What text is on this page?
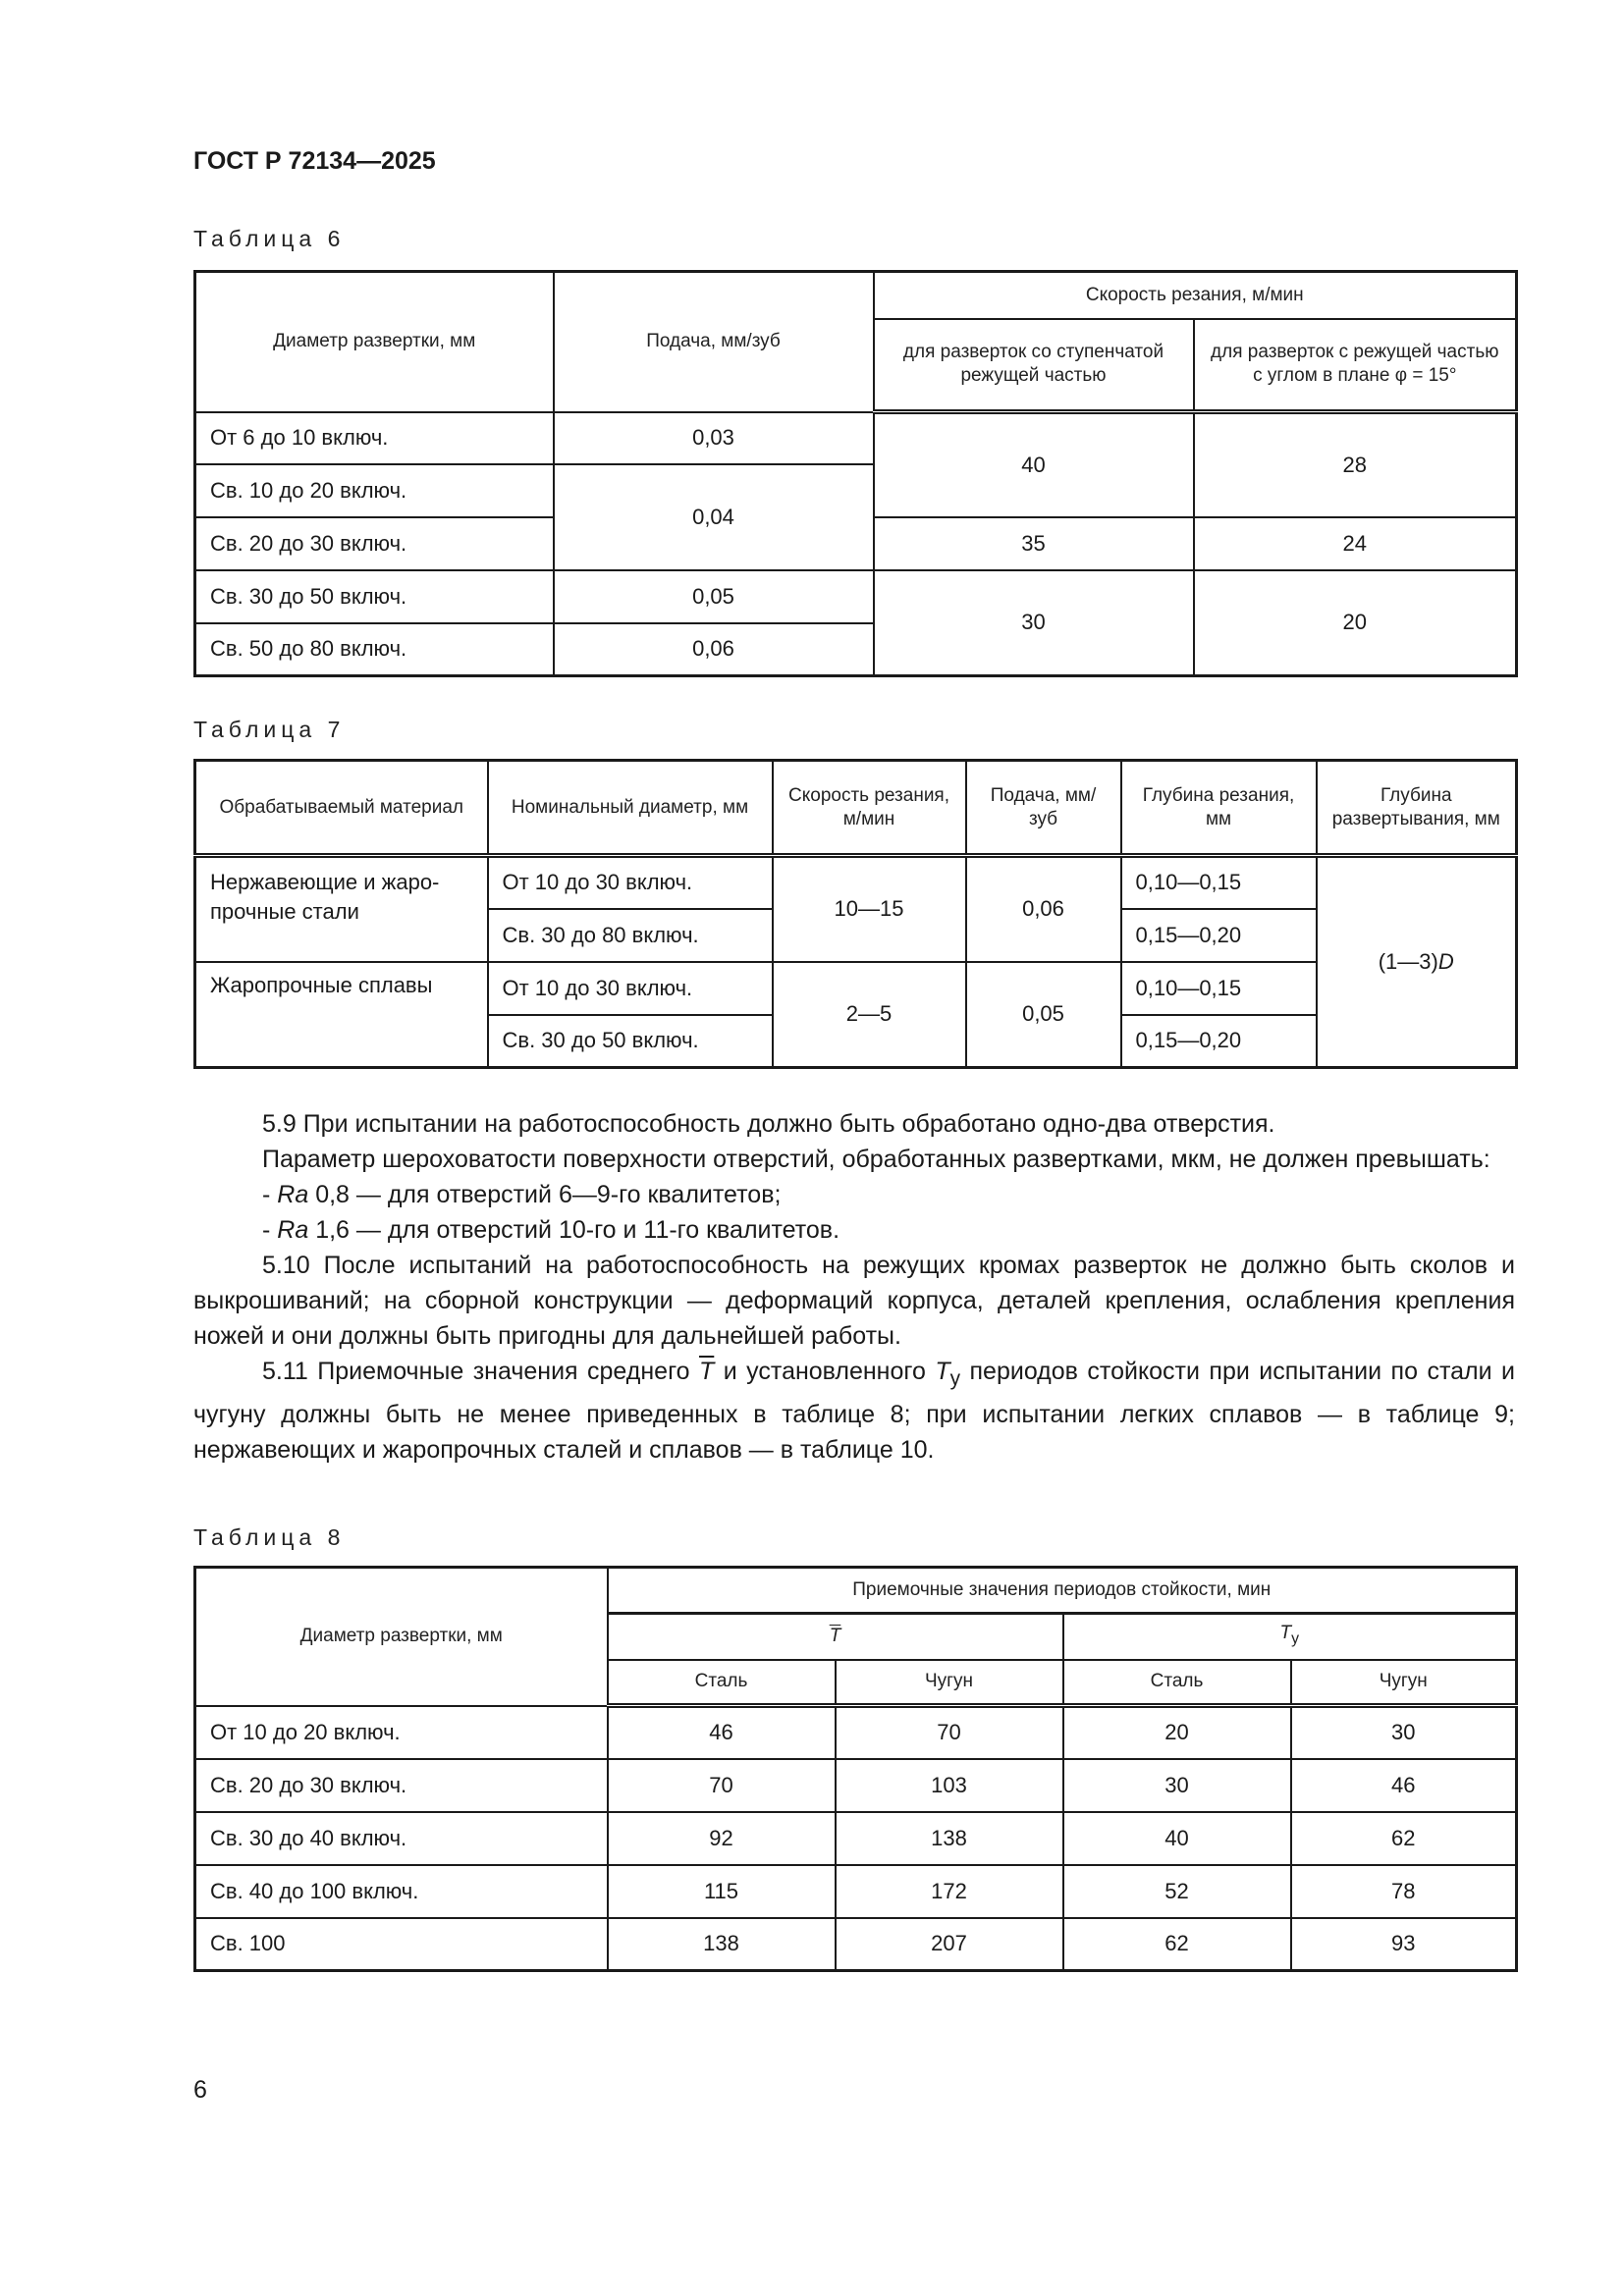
ГОСТ Р 72134—2025
Таблица 6
Диаметр развертки, мм	Подача, мм/зуб	Скорость резания, м/мин	
		для разверток со ступенчатой режущей частью	для разверток с режущей частью с углом в плане φ = 15°
От 6 до 10 включ.	0,03	40	28
Св. 10 до 20 включ.	0,04		
Св. 20 до 30 включ.		35	24
Св. 30 до 50 включ.	0,05	30	20
Св. 50 до 80 включ.	0,06		
Таблица 7
Обрабатываемый материал	Номинальный диаметр, мм	Скорость резания, м/мин	Подача, мм/зуб	Глубина резания, мм	Глубина развертывания, мм
Нержавеющие и жаро-прочные стали	От 10 до 30 включ.	10—15	0,06	0,10—0,15	(1—3)D
	Св. 30 до 80 включ.			0,15—0,20	
Жаропрочные сплавы	От 10 до 30 включ.	2—5	0,05	0,10—0,15	
	Св. 30 до 50 включ.			0,15—0,20	

5.9 При испытании на работоспособность должно быть обработано одно-два отверстия.

Параметр шероховатости поверхности отверстий, обработанных развертками, мкм, не должен превышать:

- Ra 0,8 — для отверстий 6—9-го квалитетов;

- Ra 1,6 — для отверстий 10-го и 11-го квалитетов.

5.10 После испытаний на работоспособность на режущих кромах разверток не должно быть сколов и выкрошиваний; на сборной конструкции — деформаций корпуса, деталей крепления, ослабления крепления ножей и они должны быть пригодны для дальнейшей работы.

5.11 Приемочные значения среднего $\overline{T}$ и установленного $T_y$ периодов стойкости при испытании по стали и чугуну должны быть не менее приведенных в таблице 8; при испытании легких сплавов — в таблице 9; нержавеющих и жаропрочных сталей и сплавов — в таблице 10.

Таблица 8
Диаметр развертки, мм	Приемочные значения периодов стойкости, мин			
	$\overline{T}$		$T_y$
	Сталь	Чугун	Сталь	Чугун
От 10 до 20 включ.	46	70	20	30
Св. 20 до 30 включ.	70	103	30	46
Св. 30 до 40 включ.	92	138	40	62
Св. 40 до 100 включ.	115	172	52	78
Св. 100	138	207	62	93
6
